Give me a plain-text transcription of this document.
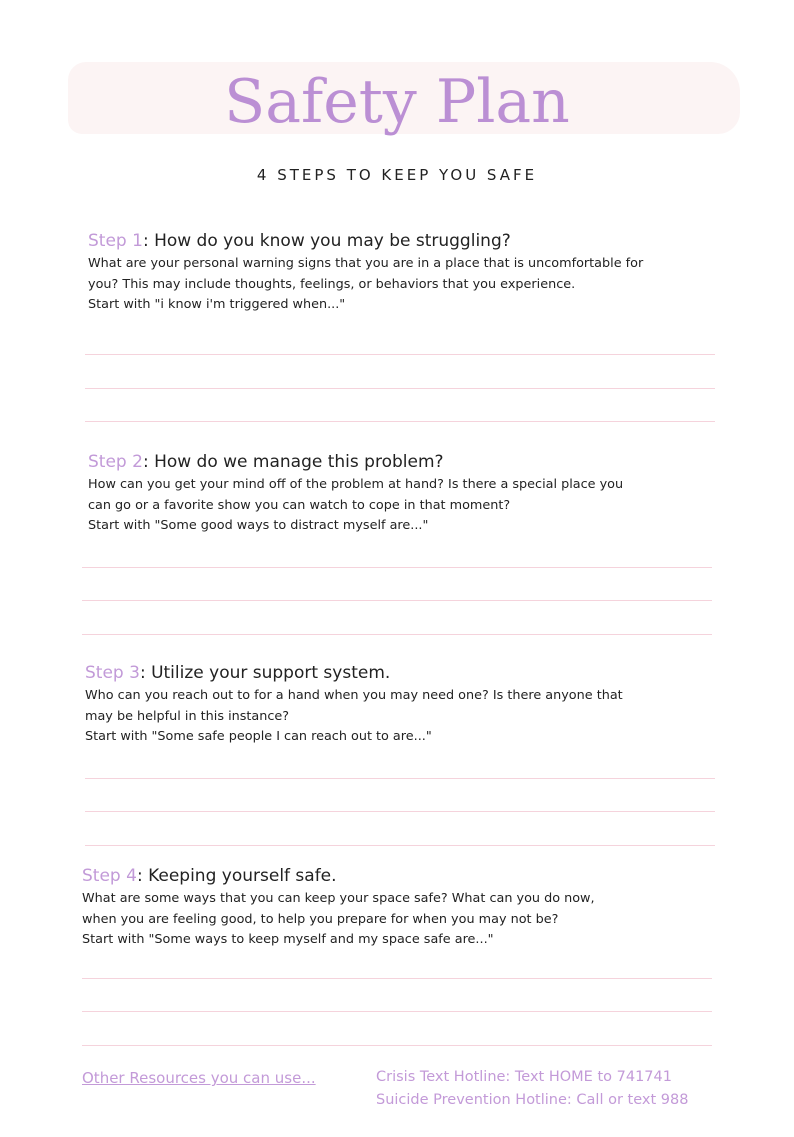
Safety Plan
4 STEPS TO KEEP YOU SAFE
Step 1: How do you know you may be struggling?
What are your personal warning signs that you are in a place that is uncomfortable for
you? This may include thoughts, feelings, or behaviors that you experience.
Start with "i know i'm triggered when..."
Step 2: How do we manage this problem?
How can you get your mind off of the problem at hand? Is there a special place you
can go or a favorite show you can watch to cope in that moment?
Start with "Some good ways to distract myself are..."
Step 3: Utilize your support system.
Who can you reach out to for a hand when you may need one? Is there anyone that
may be helpful in this instance?
Start with "Some safe people I can reach out to are..."
Step 4: Keeping yourself safe.
What are some ways that you can keep your space safe? What can you do now,
when you are feeling good, to help you prepare for when you may not be?
Start with "Some ways to keep myself and my space safe are..."
Other Resources you can use...	Crisis Text Hotline: Text HOME to 741741
Suicide Prevention Hotline: Call or text 988
